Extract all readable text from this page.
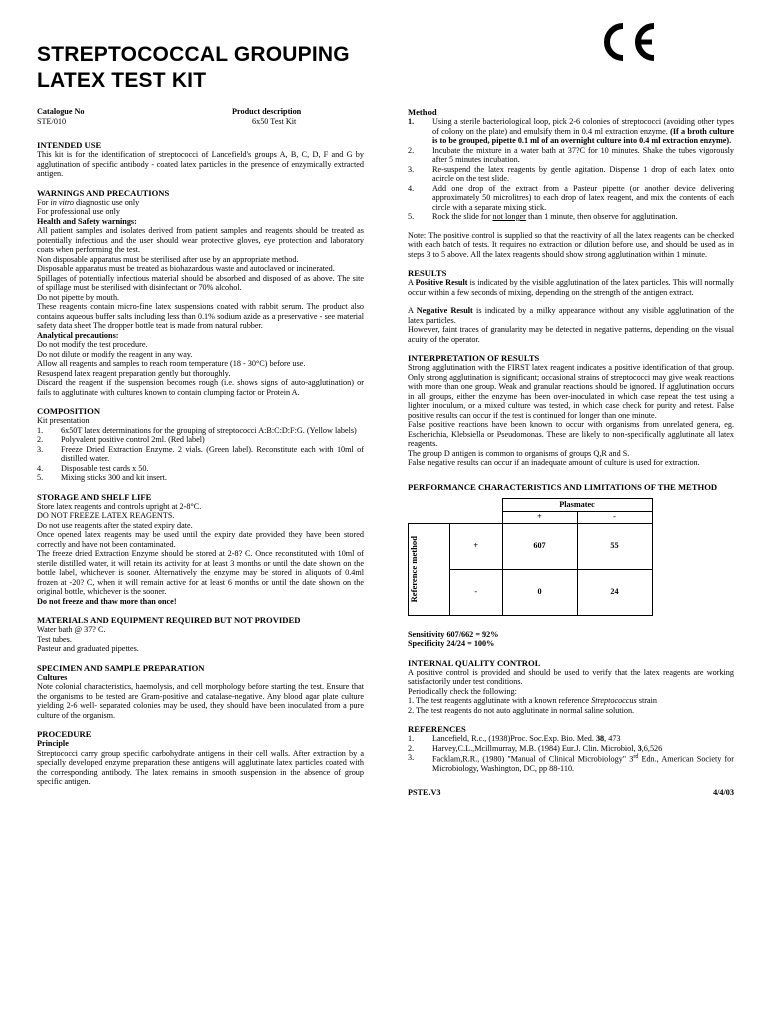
STREPTOCOCCAL GROUPING
LATEX TEST KIT
Catalogue No	Product description
STE/010	6x50 Test Kit

INTENDED USE

This kit is for the identification of streptococci of Lancefield's groups A, B, C, D, F and G by agglutination of specific antibody - coated latex particles in the presence of enzymically extracted antigen.

WARNINGS AND PRECAUTIONS

For in vitro diagnostic use only

For professional use only

Health and Safety warnings:

All patient samples and isolates derived from patient samples and reagents should be treated as potentially infectious and the user should wear protective gloves, eye protection and laboratory coats when performing the test.

Non disposable apparatus must be sterilised after use by an appropriate method.

Disposable apparatus must be treated as biohazardous waste and autoclaved or incinerated.

Spillages of potentially infectious material should be absorbed and disposed of as above. The site of spillage must be sterilised with disinfectant or 70% alcohol.

Do not pipette by mouth.

These reagents contain micro-fine latex suspensions coated with rabbit serum. The product also contains aqueous buffer salts including less than 0.1% sodium azide as a preservative - see material safety data sheet The dropper bottle teat is made from natural rubber.

Analytical precautions:

Do not modify the test procedure.

Do not dilute or modify the reagent in any way.

Allow all reagents and samples to reach room temperature (18 - 30°C) before use.

Resuspend latex reagent preparation gently but thoroughly.

Discard the reagent if the suspension becomes rough (i.e. shows signs of auto-agglutination) or fails to agglutinate with cultures known to contain clumping factor or Protein A.

COMPOSITION

Kit presentation

1.	6x50T latex determinations for the grouping of streptococci A:B:C:D:F:G. (Yellow labels)
2.	Polyvalent positive control 2ml. (Red label)
3.	Freeze Dried Extraction Enzyme. 2 vials. (Green label). Reconstitute each with 10ml of distilled water.
4.	Disposable test cards x 50.
5.	Mixing sticks 300 and kit insert.

STORAGE AND SHELF LIFE

Store latex reagents and controls upright at 2-8°C.

DO NOT FREEZE LATEX REAGENTS.

Do not use reagents after the stated expiry date.

Once opened latex reagents may be used until the expiry date provided they have been stored correctly and have not been contaminated.

The freeze dried Extraction Enzyme should be stored at 2-8? C. Once reconstituted with 10ml of sterile distilled water, it will retain its activity for at least 3 months or until the date shown on the bottle label, whichever is sooner. Alternatively the enzyme may be stored in aliquots of 0.4ml frozen at -20? C, when it will remain active for at least 6 months or until the date shown on the original bottle, whichever is the sooner.

Do not freeze and thaw more than once!

MATERIALS AND EQUIPMENT REQUIRED BUT NOT PROVIDED

Water bath @ 37? C.

Test tubes.

Pasteur and graduated pipettes.

SPECIMEN AND SAMPLE PREPARATION

Cultures

Note colonial characteristics, haemolysis, and cell morphology before starting the test. Ensure that the organisms to be tested are Gram-positive and catalase-negative. Any blood agar plate culture yielding 2-6 well- separated colonies may be used, they should have been inoculated from a pure culture of the organism.

PROCEDURE

Principle

Streptococci carry group specific carbohydrate antigens in their cell walls. After extraction by a specially developed enzyme preparation these antigens will agglutinate latex particles coated with the corresponding antibody. The latex remains in smooth suspension in the absence of group specific antigen.

Method

1.	Using a sterile bacteriological loop, pick 2-6 colonies of streptococci (avoiding other types of colony on the plate) and emulsify them in 0.4 ml extraction enzyme. (If a broth culture is to be grouped, pipette 0.1 ml of an overnight culture into 0.4 ml extraction enzyme).
2.	Incubate the mixture in a water bath at 37?C for 10 minutes. Shake the tubes vigorously after 5 minutes incubation.
3.	Re-suspend the latex reagents by gentle agitation. Dispense 1 drop of each latex onto acircle on the test slide.
4.	Add one drop of the extract from a Pasteur pipette (or another device delivering approximately 50 microlitres) to each drop of latex reagent, and mix the contents of each circle with a separate mixing stick.
5.	Rock the slide for not longer than 1 minute, then observe for agglutination.

Note: The positive control is supplied so that the reactivity of all the latex reagents can be checked with each batch of tests. It requires no extraction or dilution before use, and should be used as in steps 3 to 5 above. All the latex reagents should show strong agglutination within 1 minute.

RESULTS

A Positive Result is indicated by the visible agglutination of the latex particles. This will normally occur within a few seconds of mixing, depending on the strength of the antigen extract.

A Negative Result is indicated by a milky appearance without any visible agglutination of the latex particles.

However, faint traces of granularity may be detected in negative patterns, depending on the visual acuity of the operator.

INTERPRETATION OF RESULTS

Strong agglutination with the FIRST latex reagent indicates a positive identification of that group. Only strong agglutination is significant; occasional strains of streptococci may give weak reactions with more than one group. Weak and granular reactions should be ignored. If agglutination occurs in all groups, either the enzyme has been over-inoculated in which case repeat the test using a lighter inoculum, or a mixed culture was tested, in which case check for purity and retest. False positive results can occur if the test is continued for longer than one minute.

False positive reactions have been known to occur with organisms from unrelated genera, eg. Escherichia, Klebsiella or Pseudomonas. These are likely to non-specifically agglutinate all latex reagents.

The group D antigen is common to organisms of groups Q,R and S.

False negative results can occur if an inadequate amount of culture is used for extraction.

PERFORMANCE CHARACTERISTICS AND LIMITATIONS OF THE METHOD

		Plasmatec	
		+	-

Reference method	+	607	55
	-	0	24

Sensitivity 607/662 = 92%

Specificity 24/24 = 100%

INTERNAL QUALITY CONTROL

A positive control is provided and should be used to verify that the latex reagents are working satisfactorily under test conditions.

Periodically check the following:

1. The test reagents agglutinate with a known reference Streptococcus strain

2. The test reagents do not auto agglutinate in normal saline solution.

REFERENCES

1.	Lancefield, R.c., (1938)Proc. Soc.Exp. Bio. Med. 38, 473
2.	Harvey,C.L.,Mcillmurray, M.B. (1984) Eur.J. Clin. Microbiol, 3,6,526
3.	Facklam,R.R., (1980) "Manual of Clinical Microbiology" 3rd Edn., American Society for Microbiology, Washington, DC, pp 88-110.
PSTE.V3	4/4/03
